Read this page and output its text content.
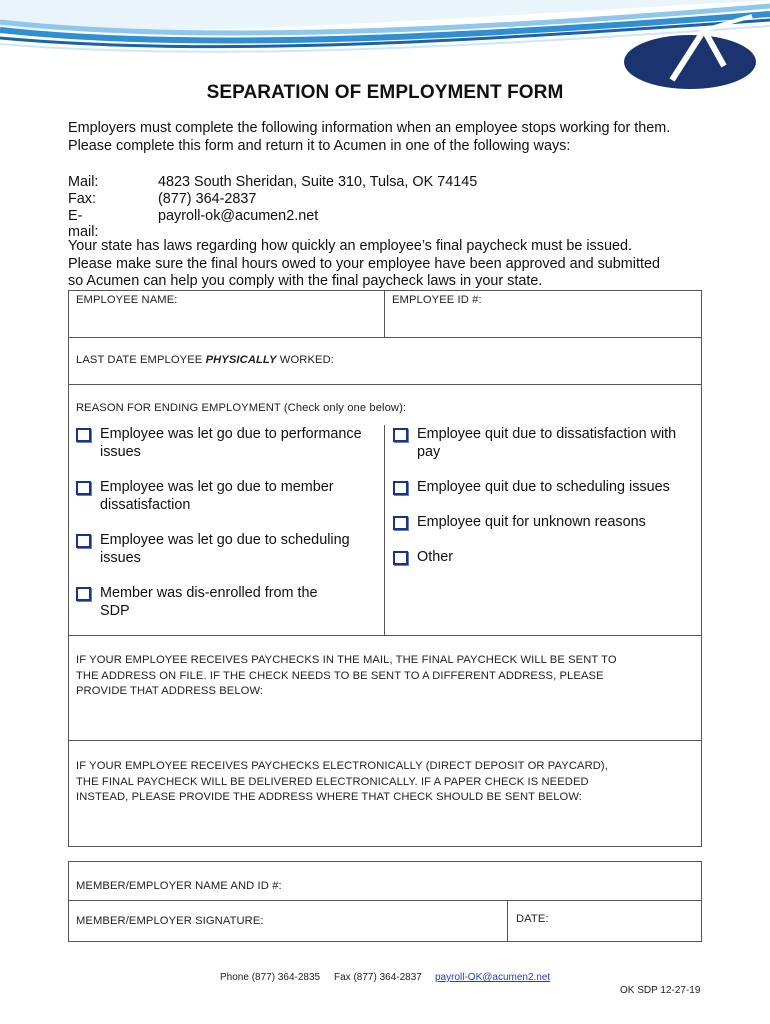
SEPARATION OF EMPLOYMENT FORM
Employers must complete the following information when an employee stops working for them.
Please complete this form and return it to Acumen in one of the following ways:
Mail:	4823 South Sheridan, Suite 310, Tulsa, OK 74145
Fax:	(877) 364-2837
E-mail:
payroll-ok@acumen2.net
Your state has laws regarding how quickly an employee’s final paycheck must be issued.
Please make sure the final hours owed to your employee have been approved and submitted
so Acumen can help you comply with the final paycheck laws in your state.
EMPLOYEE NAME:	EMPLOYEE ID #:
LAST DATE EMPLOYEE PHYSICALLY WORKED:
REASON FOR ENDING EMPLOYMENT (Check only one below):
Employee was let go due to performance
issues
Employee was let go due to member
dissatisfaction
Employee was let go due to scheduling
issues
Member was dis-enrolled from the
SDP
Employee quit due to dissatisfaction with
pay
Employee quit due to scheduling issues
Employee quit for unknown reasons
Other
IF YOUR EMPLOYEE RECEIVES PAYCHECKS IN THE MAIL, THE FINAL PAYCHECK WILL BE SENT TO
THE ADDRESS ON FILE. IF THE CHECK NEEDS TO BE SENT TO A DIFFERENT ADDRESS, PLEASE
PROVIDE THAT ADDRESS BELOW:
IF YOUR EMPLOYEE RECEIVES PAYCHECKS ELECTRONICALLY (DIRECT DEPOSIT OR PAYCARD),
THE FINAL PAYCHECK WILL BE DELIVERED ELECTRONICALLY. IF A PAPER CHECK IS NEEDED
INSTEAD, PLEASE PROVIDE THE ADDRESS WHERE THAT CHECK SHOULD BE SENT BELOW:
MEMBER/EMPLOYER NAME AND ID #:
MEMBER/EMPLOYER SIGNATURE:	DATE:
Phone (877) 364-2835 Fax (877) 364-2837 payroll-OK@acumen2.net
OK SDP 12-27-19
